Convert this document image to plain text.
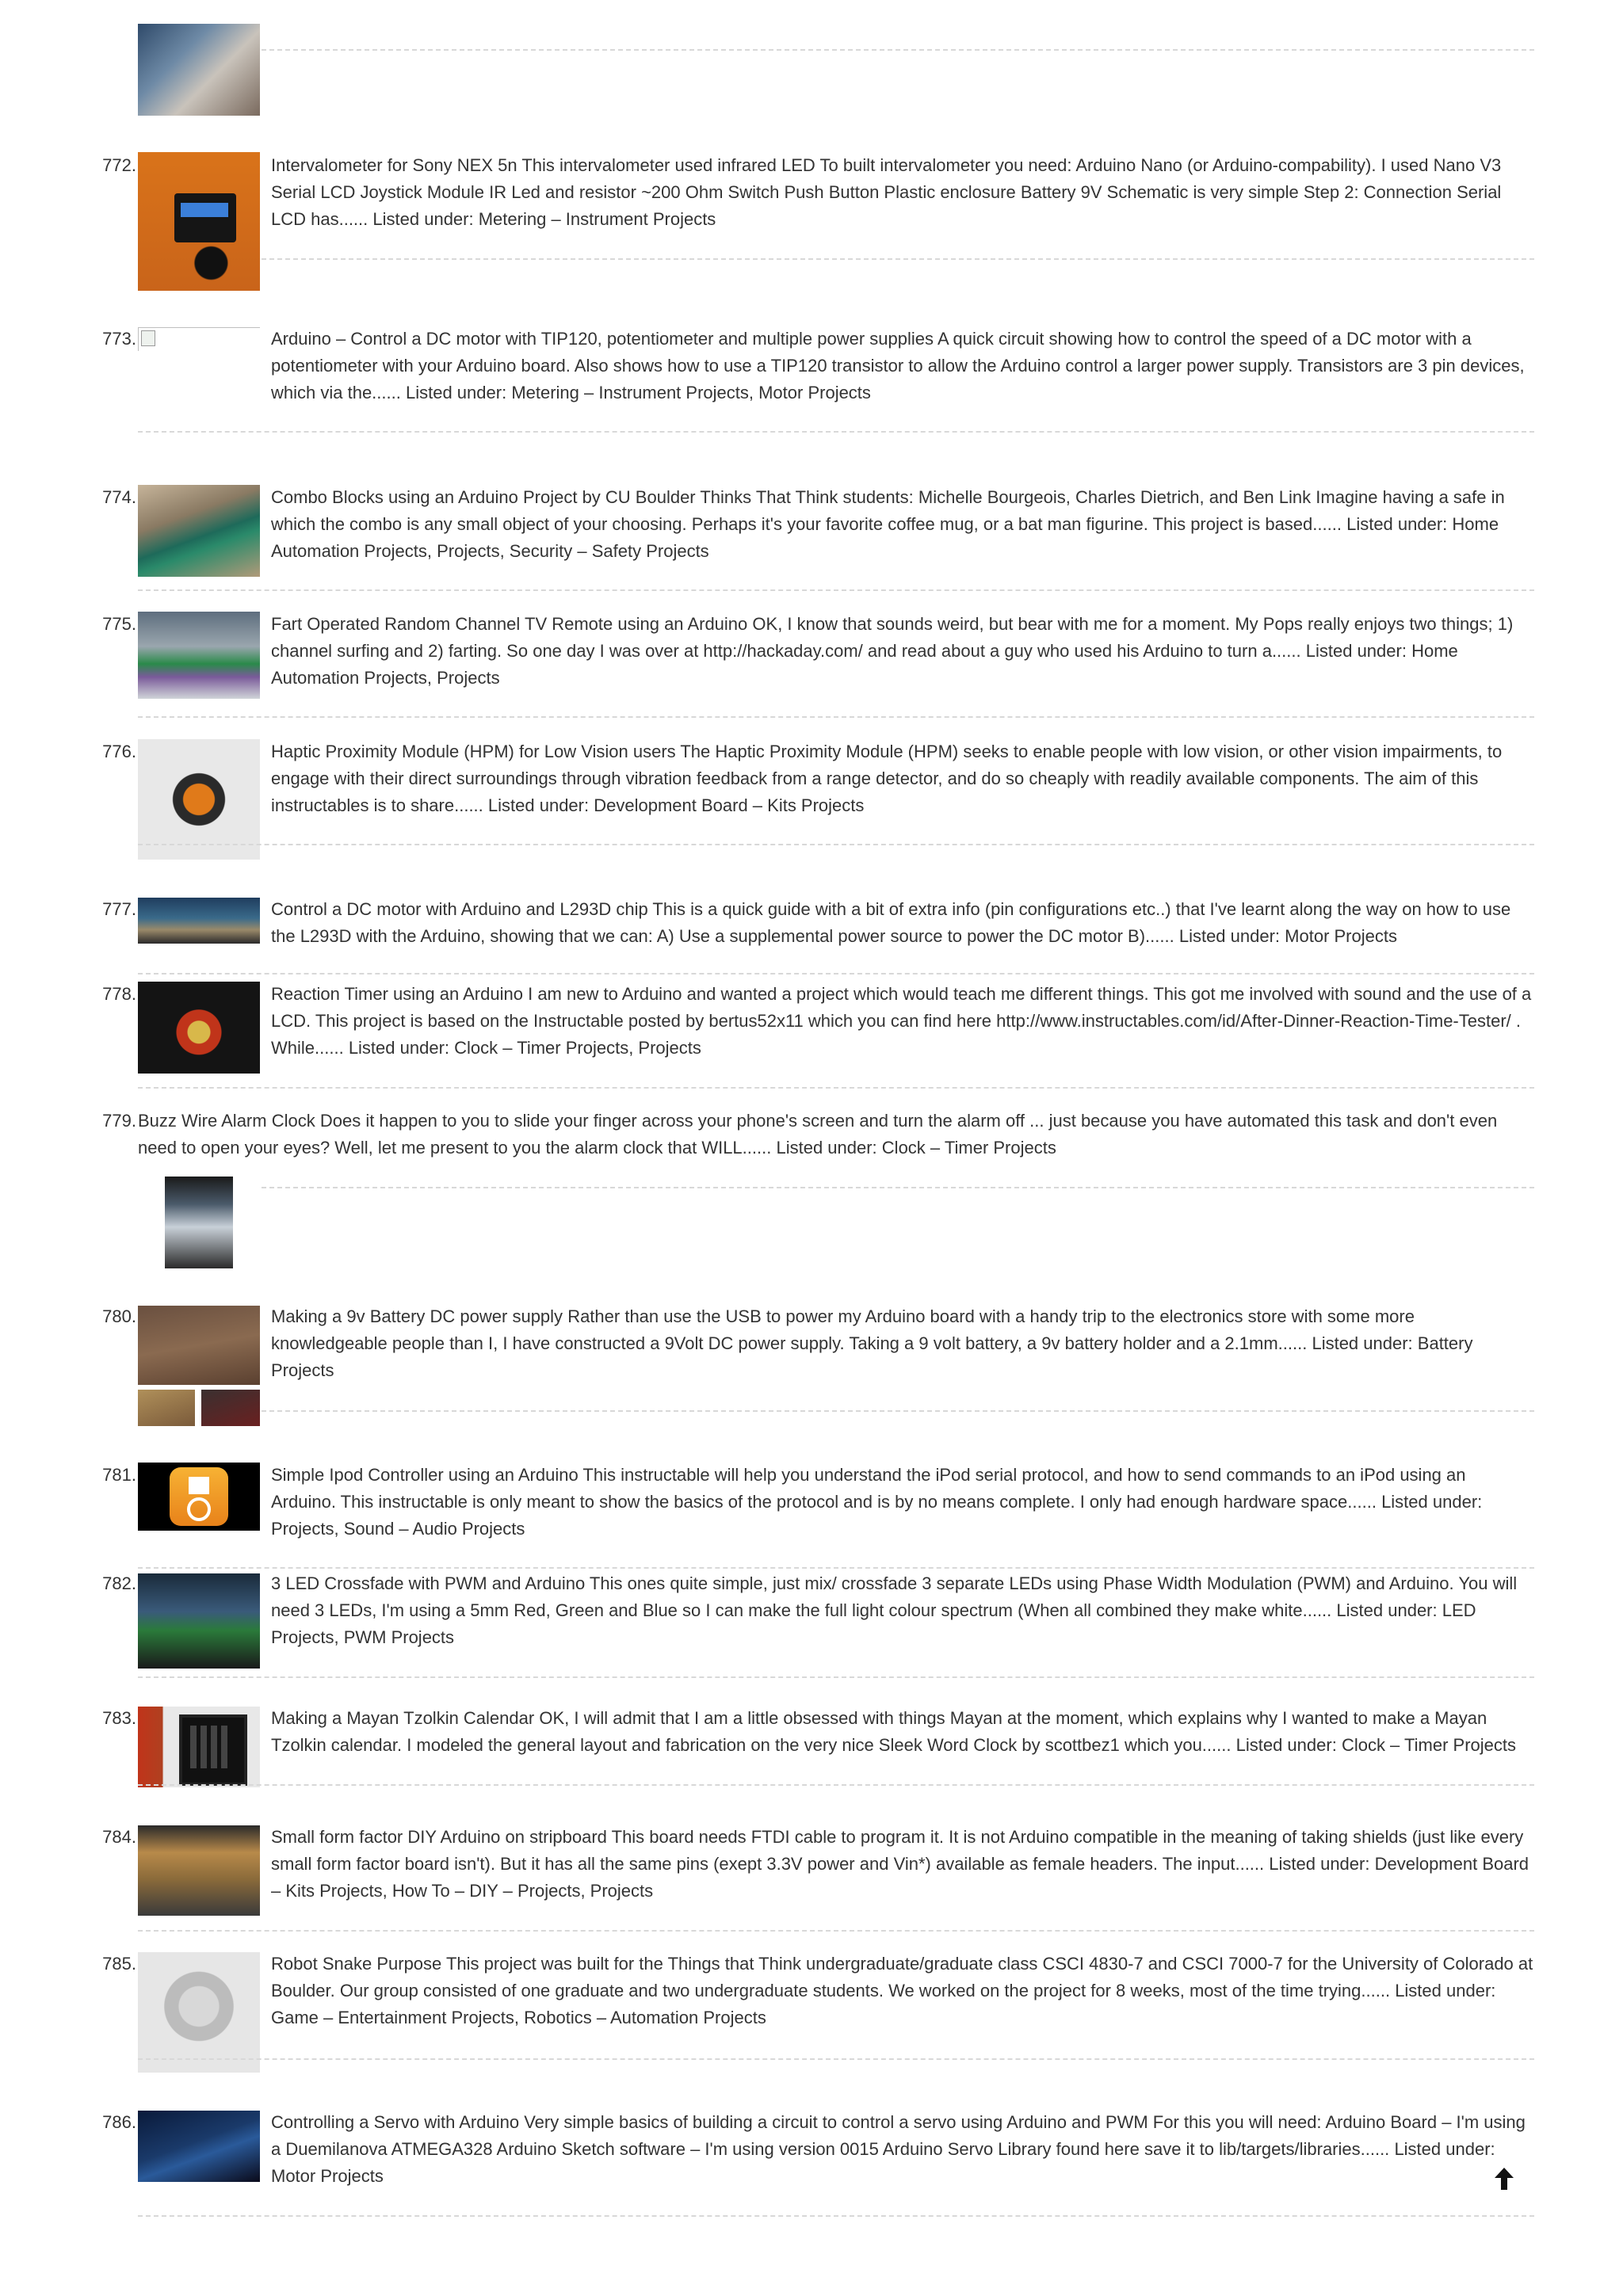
772.	Intervalometer for Sony NEX 5n This intervalometer used infrared LED To built intervalometer you need: Arduino Nano (or Arduino-compability). I used Nano V3 Serial LCD Joystick Module IR Led and resistor ~200 Ohm Switch Push Button Plastic enclosure Battery 9V Schematic is very simple Step 2: Connection Serial LCD has...... Listed under: Metering – Instrument Projects
773.	Arduino – Control a DC motor with TIP120, potentiometer and multiple power supplies A quick circuit showing how to control the speed of a DC motor with a potentiometer with your Arduino board. Also shows how to use a TIP120 transistor to allow the Arduino control a larger power supply. Transistors are 3 pin devices, which via the...... Listed under: Metering – Instrument Projects, Motor Projects
774.	Combo Blocks using an Arduino Project by CU Boulder Thinks That Think students: Michelle Bourgeois, Charles Dietrich, and Ben Link Imagine having a safe in which the combo is any small object of your choosing. Perhaps it's your favorite coffee mug, or a bat man figurine. This project is based...... Listed under: Home Automation Projects, Projects, Security – Safety Projects
775.	Fart Operated Random Channel TV Remote using an Arduino OK, I know that sounds weird, but bear with me for a moment. My Pops really enjoys two things; 1) channel surfing and 2) farting. So one day I was over at http://hackaday.com/ and read about a guy who used his Arduino to turn a...... Listed under: Home Automation Projects, Projects
776.	Haptic Proximity Module (HPM) for Low Vision users The Haptic Proximity Module (HPM) seeks to enable people with low vision, or other vision impairments, to engage with their direct surroundings through vibration feedback from a range detector, and do so cheaply with readily available components. The aim of this instructables is to share...... Listed under: Development Board – Kits Projects
777.	Control a DC motor with Arduino and L293D chip This is a quick guide with a bit of extra info (pin configurations etc..) that I've learnt along the way on how to use the L293D with the Arduino, showing that we can: A) Use a supplemental power source to power the DC motor B)...... Listed under: Motor Projects
778.	Reaction Timer using an Arduino I am new to Arduino and wanted a project which would teach me different things. This got me involved with sound and the use of a LCD. This project is based on the Instructable posted by bertus52x11 which you can find here http://www.instructables.com/id/After-Dinner-Reaction-Time-Tester/ . While...... Listed under: Clock – Timer Projects, Projects
779. Buzz Wire Alarm Clock Does it happen to you to slide your finger across your phone's screen and turn the alarm off ... just because you have automated this task and don't even need to open your eyes? Well, let me present to you the alarm clock that WILL...... Listed under: Clock – Timer Projects
780.	Making a 9v Battery DC power supply Rather than use the USB to power my Arduino board with a handy trip to the electronics store with some more knowledgeable people than I, I have constructed a 9Volt DC power supply. Taking a 9 volt battery, a 9v battery holder and a 2.1mm...... Listed under: Battery Projects
781.	Simple Ipod Controller using an Arduino This instructable will help you understand the iPod serial protocol, and how to send commands to an iPod using an Arduino. This instructable is only meant to show the basics of the protocol and is by no means complete. I only had enough hardware space...... Listed under: Projects, Sound – Audio Projects
782.	3 LED Crossfade with PWM and Arduino This ones quite simple, just mix/ crossfade 3 separate LEDs using Phase Width Modulation (PWM) and Arduino. You will need 3 LEDs, I'm using a 5mm Red, Green and Blue so I can make the full light colour spectrum (When all combined they make white...... Listed under: LED Projects, PWM Projects
783.	Making a Mayan Tzolkin Calendar OK, I will admit that I am a little obsessed with things Mayan at the moment, which explains why I wanted to make a Mayan Tzolkin calendar. I modeled the general layout and fabrication on the very nice Sleek Word Clock by scottbez1 which you...... Listed under: Clock – Timer Projects
784.	Small form factor DIY Arduino on stripboard This board needs FTDI cable to program it. It is not Arduino compatible in the meaning of taking shields (just like every small form factor board isn't). But it has all the same pins (exept 3.3V power and Vin*) available as female headers. The input...... Listed under: Development Board – Kits Projects, How To – DIY – Projects, Projects
785.	Robot Snake Purpose This project was built for the Things that Think undergraduate/graduate class CSCI 4830-7 and CSCI 7000-7 for the University of Colorado at Boulder. Our group consisted of one graduate and two undergraduate students. We worked on the project for 8 weeks, most of the time trying...... Listed under: Game – Entertainment Projects, Robotics – Automation Projects
786.	Controlling a Servo with Arduino Very simple basics of building a circuit to control a servo using Arduino and PWM For this you will need: Arduino Board – I'm using a Duemilanova ATMEGA328 Arduino Sketch software – I'm using version 0015 Arduino Servo Library found here save it to lib/targets/libraries...... Listed under: Motor Projects
